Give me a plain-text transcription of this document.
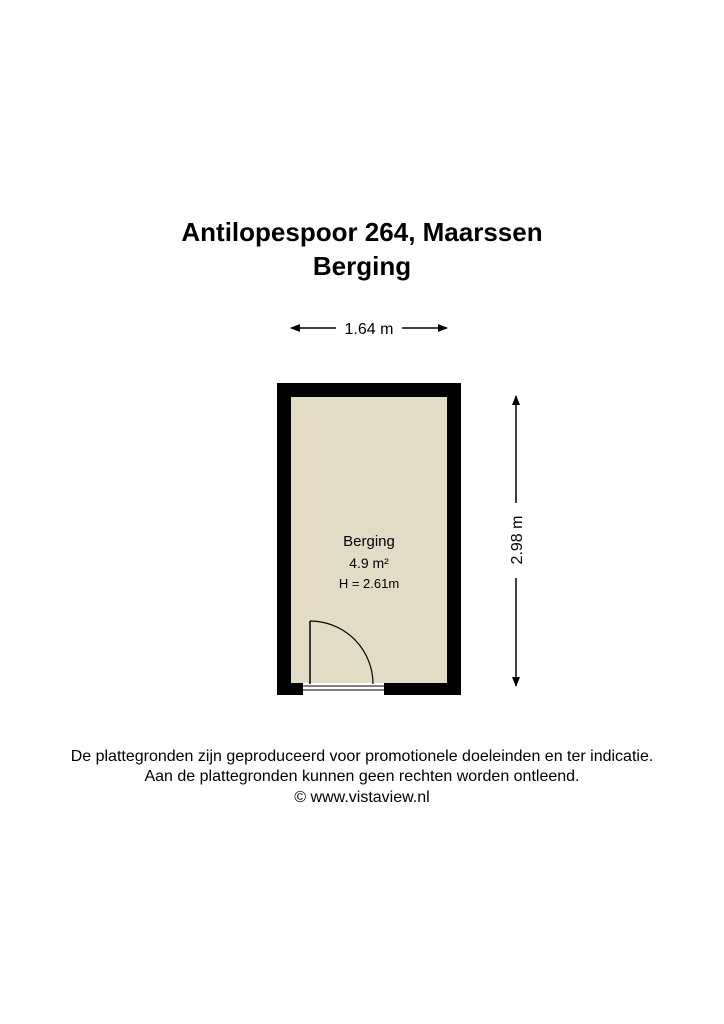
Antilopespoor 264, Maarssen
Berging
1.64 m
2.98 m
Berging
4.9 m²
H = 2.61m

De plattegronden zijn geproduceerd voor promotionele doeleinden en ter indicatie.

Aan de plattegronden kunnen geen rechten worden ontleend.

© www.vistaview.nl
